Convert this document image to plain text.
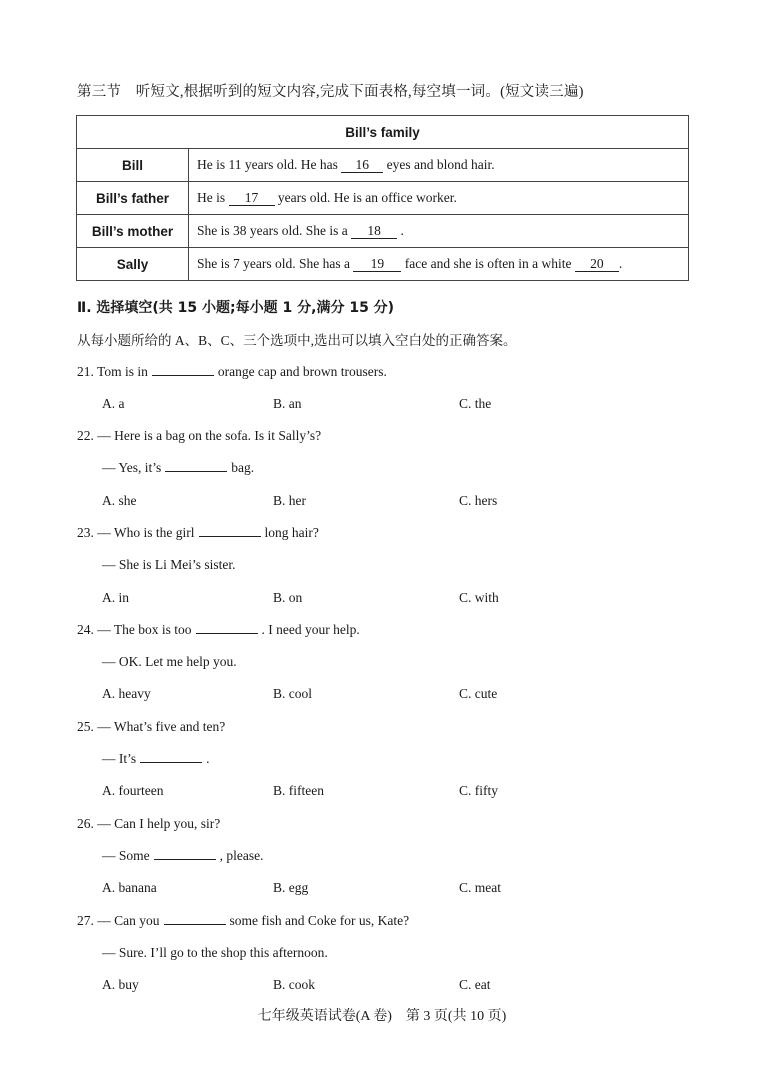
第三节　听短文,根据听到的短文内容,完成下面表格,每空填一词。(短文读三遍)
Bill’s family	
Bill	He is 11 years old. He has 16 eyes and blond hair.
Bill’s father	He is 17 years old. He is an office worker.
Bill’s mother	She is 38 years old. She is a 18 .
Sally	She is 7 years old. She has a 19 face and she is often in a white 20 .
Ⅱ. 选择填空(共 15 小题;每小题 1 分,满分 15 分)
从每小题所给的 A、B、C、三个选项中,选出可以填入空白处的正确答案。
21. Tom is in	orange cap and brown trousers.
A. a	B. an	C. the
22. — Here is a bag on the sofa. Is it Sally’s?
— Yes, it’s	bag.
A. she	B. her	C. hers
23. — Who is the girl	long hair?
— She is Li Mei’s sister.
A. in	B. on	C. with
24. — The box is too	. I need your help.
— OK. Let me help you.
A. heavy	B. cool	C. cute
25. — What’s five and ten?
— It’s	.
A. fourteen	B. fifteen	C. fifty
26. — Can I help you, sir?
— Some	, please.
A. banana	B. egg	C. meat
27. — Can you	some fish and Coke for us, Kate?
— Sure. I’ll go to the shop this afternoon.
A. buy	B. cook	C. eat
七年级英语试卷(A 卷)　第 3 页(共 10 页)
